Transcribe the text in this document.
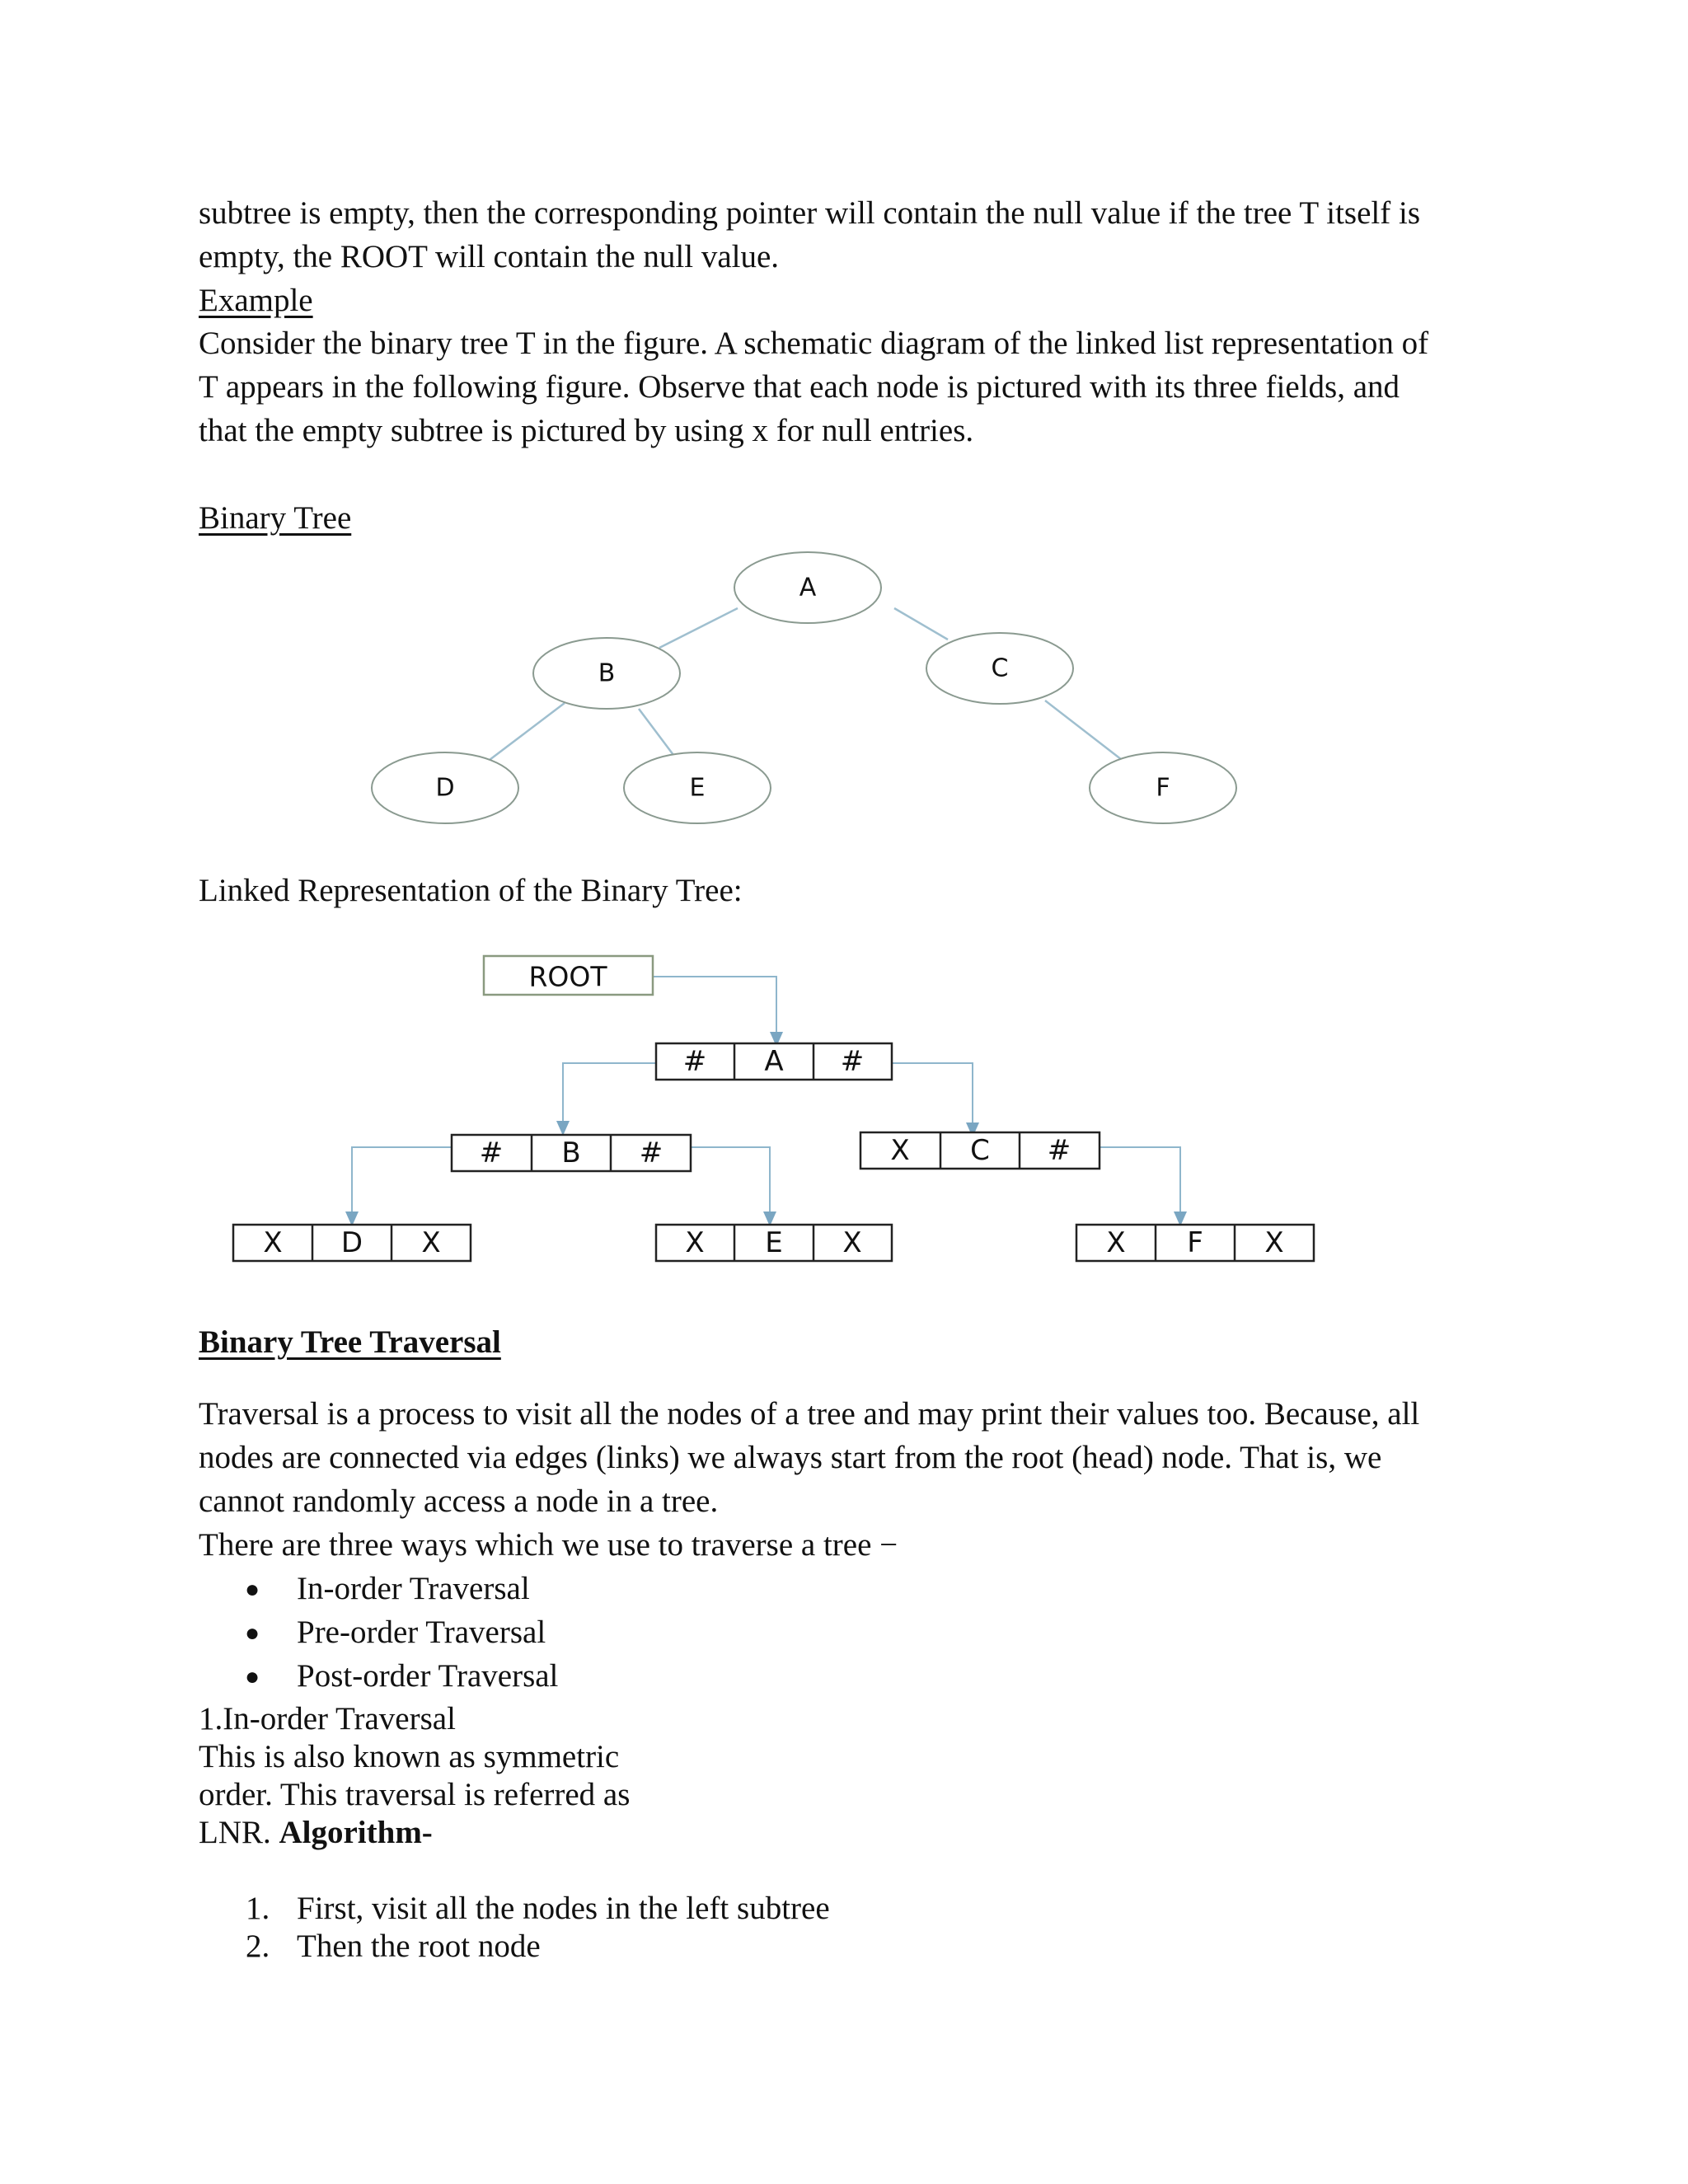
subtree is empty, then the corresponding pointer will contain the null value if the tree T itself is
empty, the ROOT will contain the null value.
Example
Consider the binary tree T in the figure. A schematic diagram of the linked list representation of
T appears in the following figure. Observe that each node is pictured with its three fields, and
that the empty subtree is pictured by using x for null entries.
Binary Tree
A
B	C
D	E	F
Linked Representation of the Binary Tree:
ROOT
# A #
# B #	X C #
X D X	X E X	X F X
Binary Tree Traversal
Traversal is a process to visit all the nodes of a tree and may print their values too. Because, all
nodes are connected via edges (links) we always start from the root (head) node. That is, we
cannot randomly access a node in a tree.
There are three ways which we use to traverse a tree −
● In-order Traversal
● Pre-order Traversal
● Post-order Traversal
1.In-order Traversal
This is also known as symmetric
order. This traversal is referred as
LNR. Algorithm-
1. First, visit all the nodes in the left subtree
2. Then the root node
